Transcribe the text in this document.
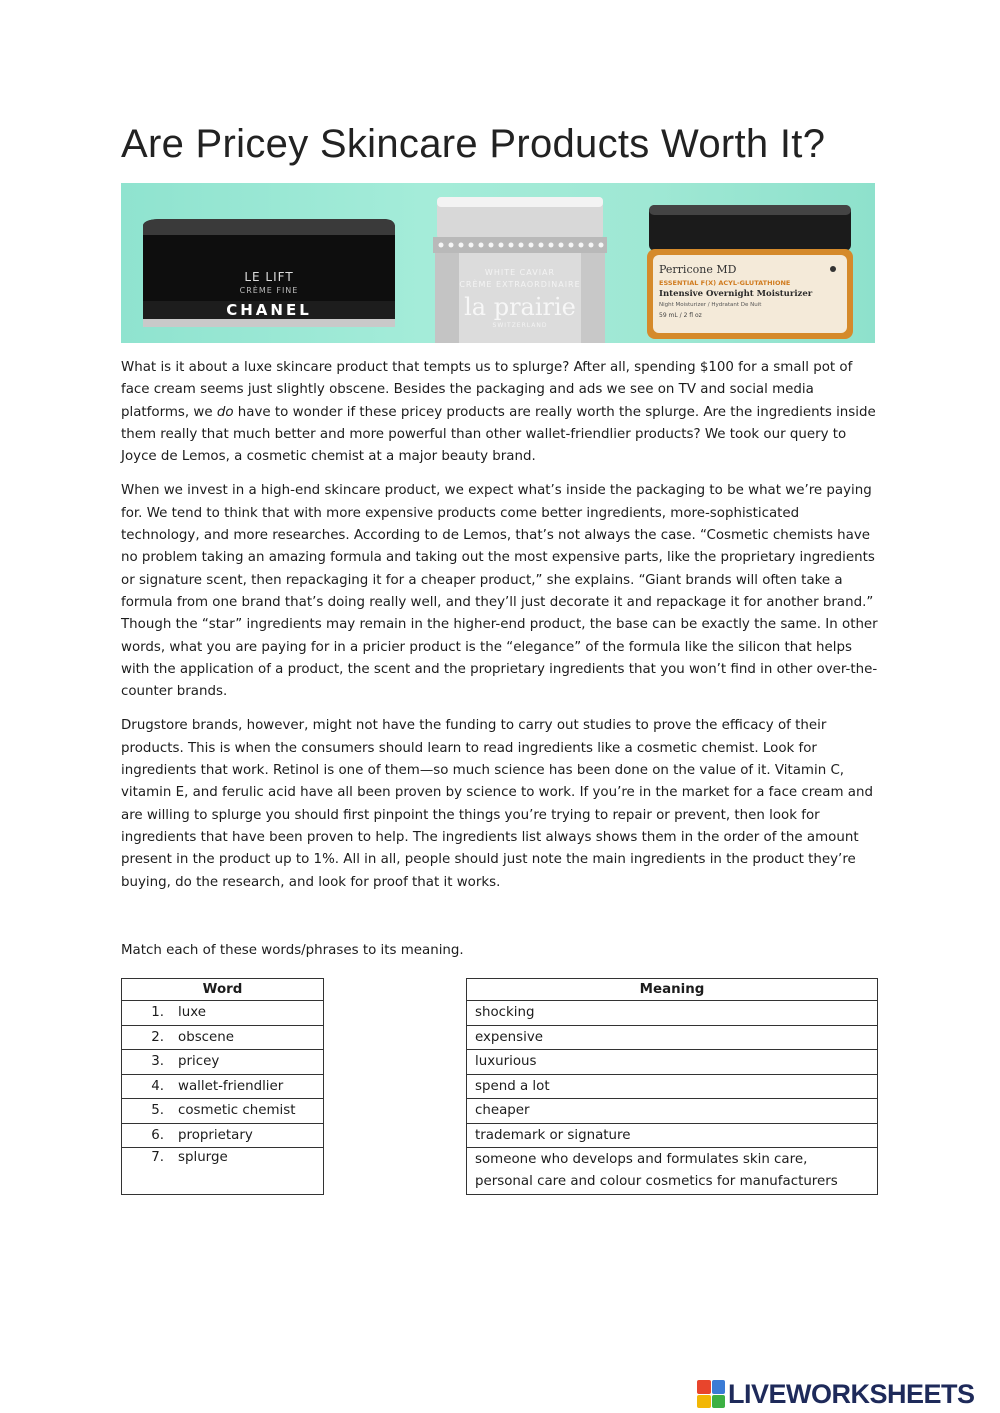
Are Pricey Skincare Products Worth It?
LE LIFT
CRÈME FINE
CHANEL
WHITE CAVIAR
CRÈME EXTRAORDINAIRE
la prairie
SWITZERLAND
Perricone MD
ESSENTIAL F(X) ACYL-GLUTATHIONE
Intensive Overnight Moisturizer
Night Moisturizer / Hydratant De Nuit
59 mL / 2 fl oz

What is it about a luxe skincare product that tempts us to splurge? After all, spending $100 for a small pot of face cream seems just slightly obscene. Besides the packaging and ads we see on TV and social media platforms, we do have to wonder if these pricey products are really worth the splurge. Are the ingredients inside them really that much better and more powerful than other wallet-friendlier products? We took our query to Joyce de Lemos, a cosmetic chemist at a major beauty brand.

When we invest in a high-end skincare product, we expect what’s inside the packaging to be what we’re paying for. We tend to think that with more expensive products come better ingredients, more-sophisticated technology, and more researches. According to de Lemos, that’s not always the case. “Cosmetic chemists have no problem taking an amazing formula and taking out the most expensive parts, like the proprietary ingredients or signature scent, then repackaging it for a cheaper product,” she explains. “Giant brands will often take a formula from one brand that’s doing really well, and they’ll just decorate it and repackage it for another brand.” Though the “star” ingredients may remain in the higher-end product, the base can be exactly the same. In other words, what you are paying for in a pricier product is the “elegance” of the formula like the silicon that helps with the application of a product, the scent and the proprietary ingredients that you won’t find in other over-the-counter brands.

Drugstore brands, however, might not have the funding to carry out studies to prove the efficacy of their products. This is when the consumers should learn to read ingredients like a cosmetic chemist. Look for ingredients that work. Retinol is one of them—so much science has been done on the value of it. Vitamin C, vitamin E, and ferulic acid have all been proven by science to work. If you’re in the market for a face cream and are willing to splurge you should first pinpoint the things you’re trying to repair or prevent, then look for ingredients that have been proven to help. The ingredients list always shows them in the order of the amount present in the product up to 1%. All in all, people should just note the main ingredients in the product they’re buying, do the research, and look for proof that it works.

Match each of these words/phrases to its meaning.
Word
1. luxe
2. obscene
3. pricey
4. wallet-friendlier
5. cosmetic chemist
6. proprietary
7. splurge
Meaning
shocking
expensive
luxurious
spend a lot
cheaper
trademark or signature
someone who develops and formulates skin care,
personal care and colour cosmetics for manufacturers
LIVEWORKSHEETS
